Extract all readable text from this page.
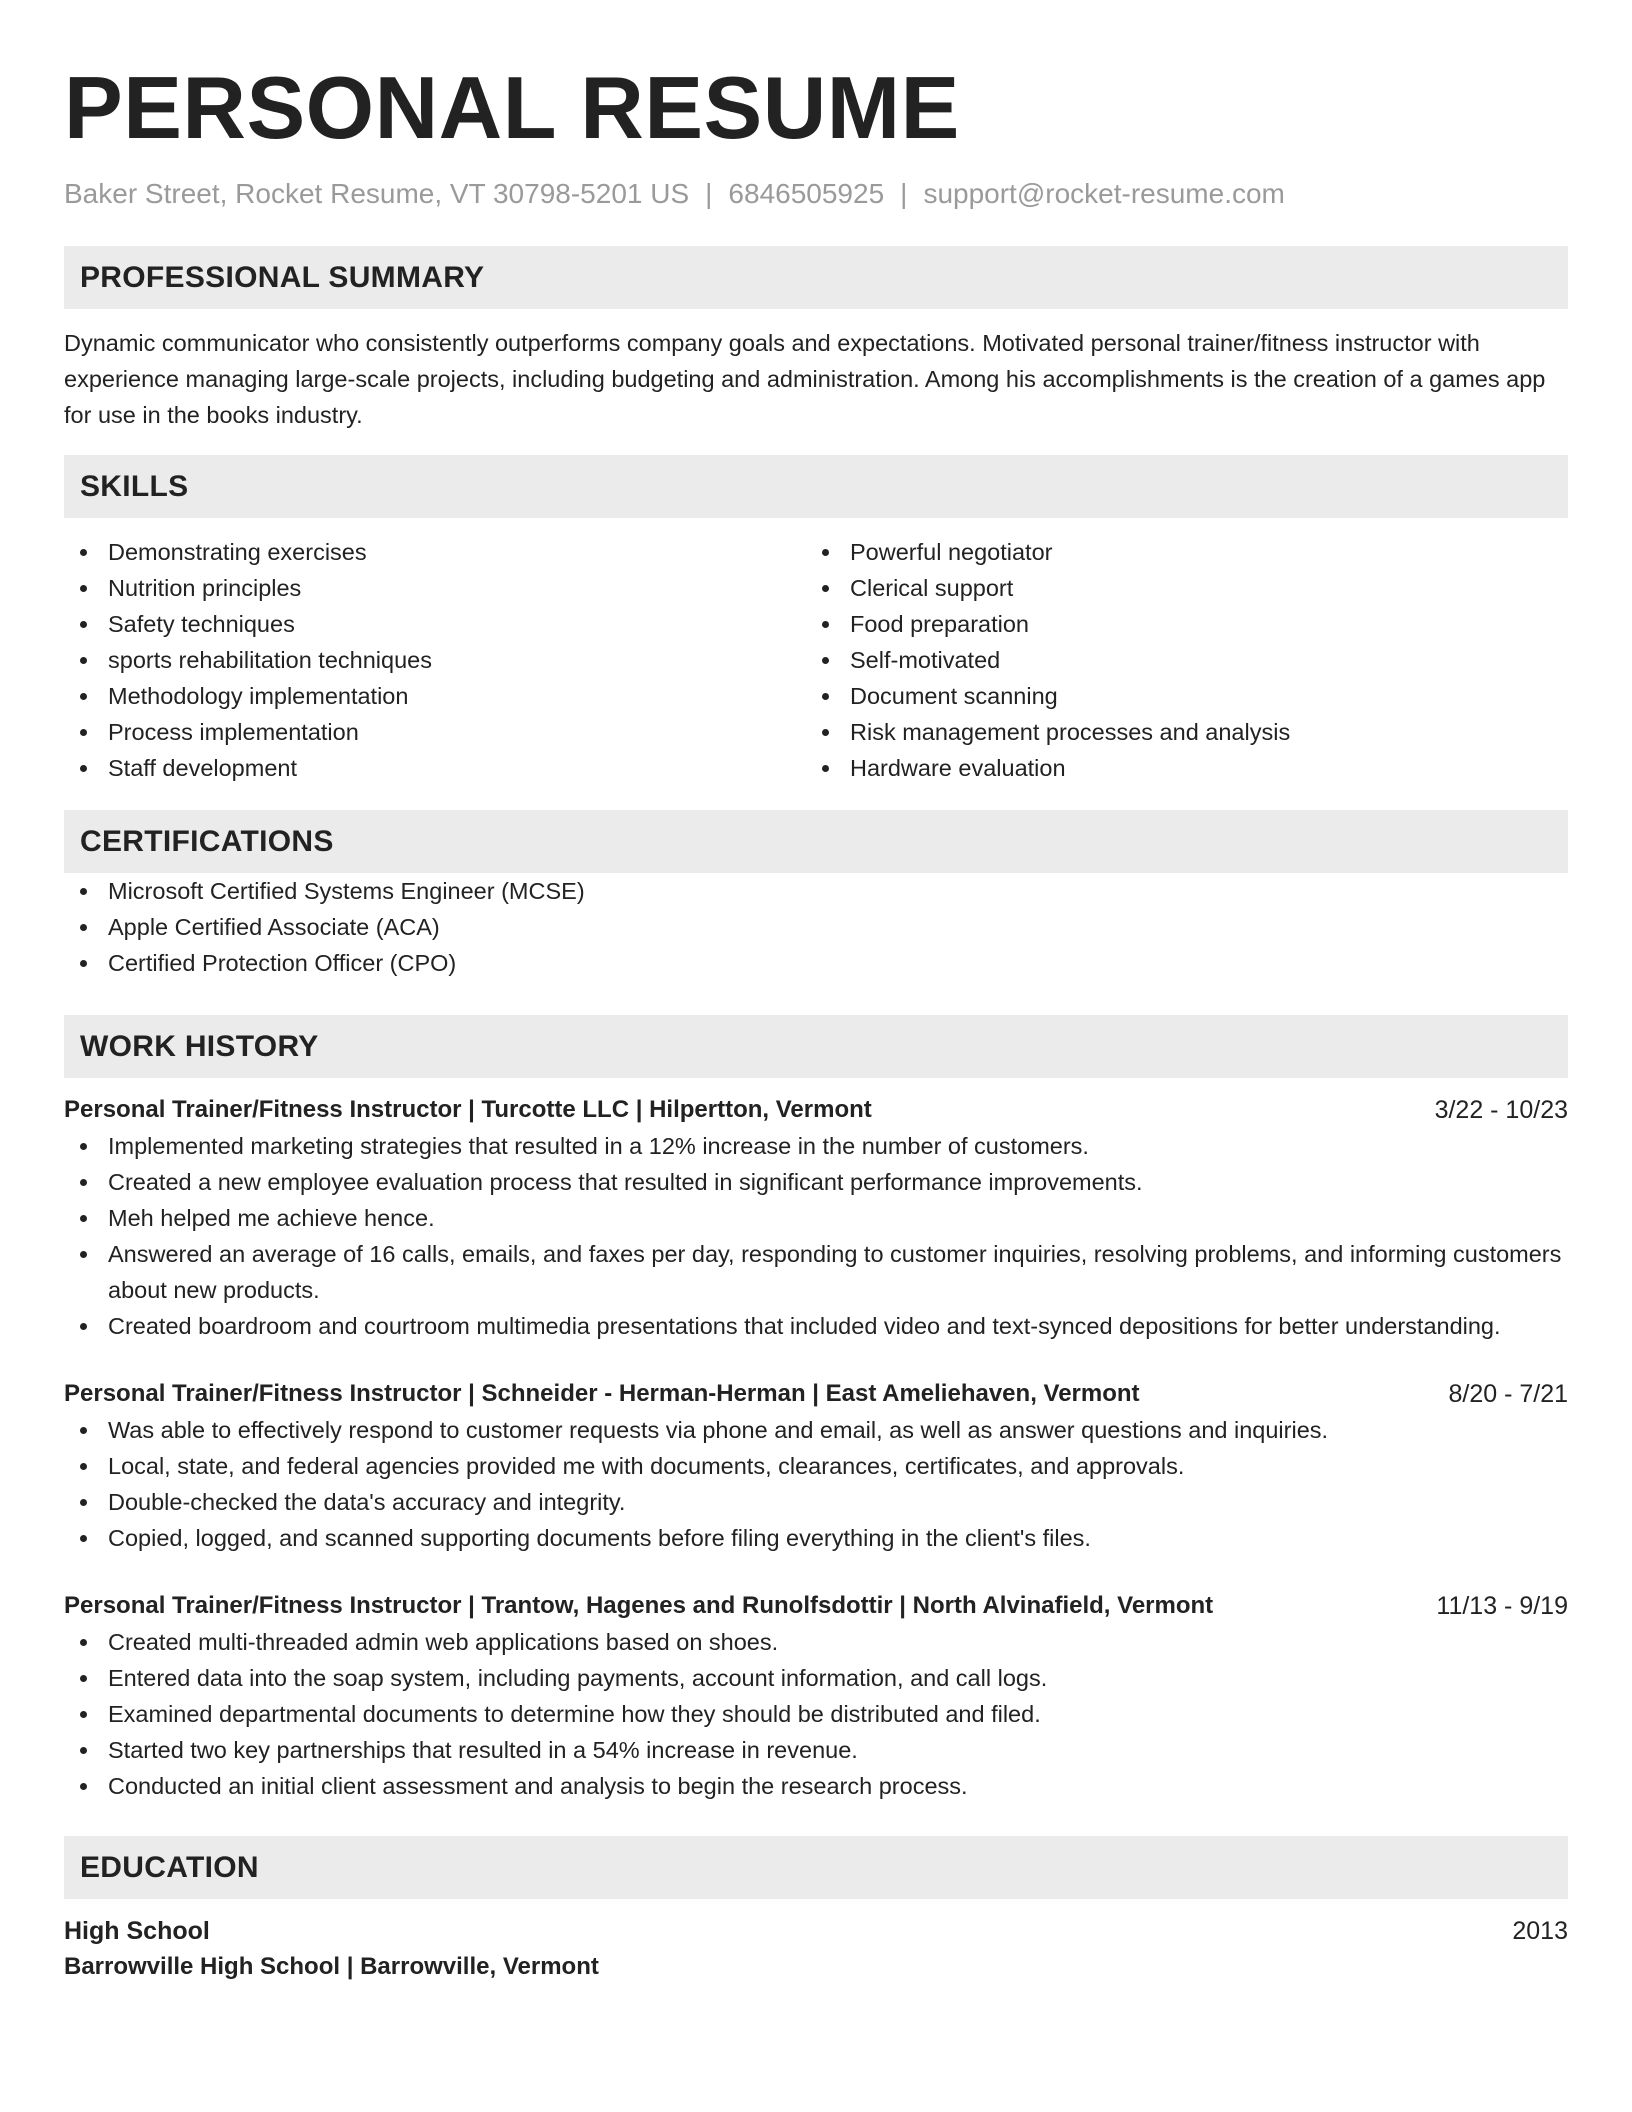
PERSONAL RESUME
Baker Street, Rocket Resume, VT 30798-5201 US | 6846505925 | support@rocket-resume.com
PROFESSIONAL SUMMARY

Dynamic communicator who consistently outperforms company goals and expectations. Motivated personal trainer/fitness instructor with experience managing large-scale projects, including budgeting and administration. Among his accomplishments is the creation of a games app for use in the books industry.

SKILLS
Demonstrating exercises
Nutrition principles
Safety techniques
sports rehabilitation techniques
Methodology implementation
Process implementation
Staff development
Powerful negotiator
Clerical support
Food preparation
Self-motivated
Document scanning
Risk management processes and analysis
Hardware evaluation
CERTIFICATIONS
Microsoft Certified Systems Engineer (MCSE)
Apple Certified Associate (ACA)
Certified Protection Officer (CPO)
WORK HISTORY
Personal Trainer/Fitness Instructor | Turcotte LLC | Hilpertton, Vermont	3/22 - 10/23
Implemented marketing strategies that resulted in a 12% increase in the number of customers.
Created a new employee evaluation process that resulted in significant performance improvements.
Meh helped me achieve hence.
Answered an average of 16 calls, emails, and faxes per day, responding to customer inquiries, resolving problems, and informing customers about new products.
Created boardroom and courtroom multimedia presentations that included video and text-synced depositions for better understanding.
Personal Trainer/Fitness Instructor | Schneider - Herman-Herman | East Ameliehaven, Vermont	8/20 - 7/21
Was able to effectively respond to customer requests via phone and email, as well as answer questions and inquiries.
Local, state, and federal agencies provided me with documents, clearances, certificates, and approvals.
Double-checked the data's accuracy and integrity.
Copied, logged, and scanned supporting documents before filing everything in the client's files.
Personal Trainer/Fitness Instructor | Trantow, Hagenes and Runolfsdottir | North Alvinafield, Vermont	11/13 - 9/19
Created multi-threaded admin web applications based on shoes.
Entered data into the soap system, including payments, account information, and call logs.
Examined departmental documents to determine how they should be distributed and filed.
Started two key partnerships that resulted in a 54% increase in revenue.
Conducted an initial client assessment and analysis to begin the research process.
EDUCATION
High School	2013
Barrowville High School | Barrowville, Vermont
